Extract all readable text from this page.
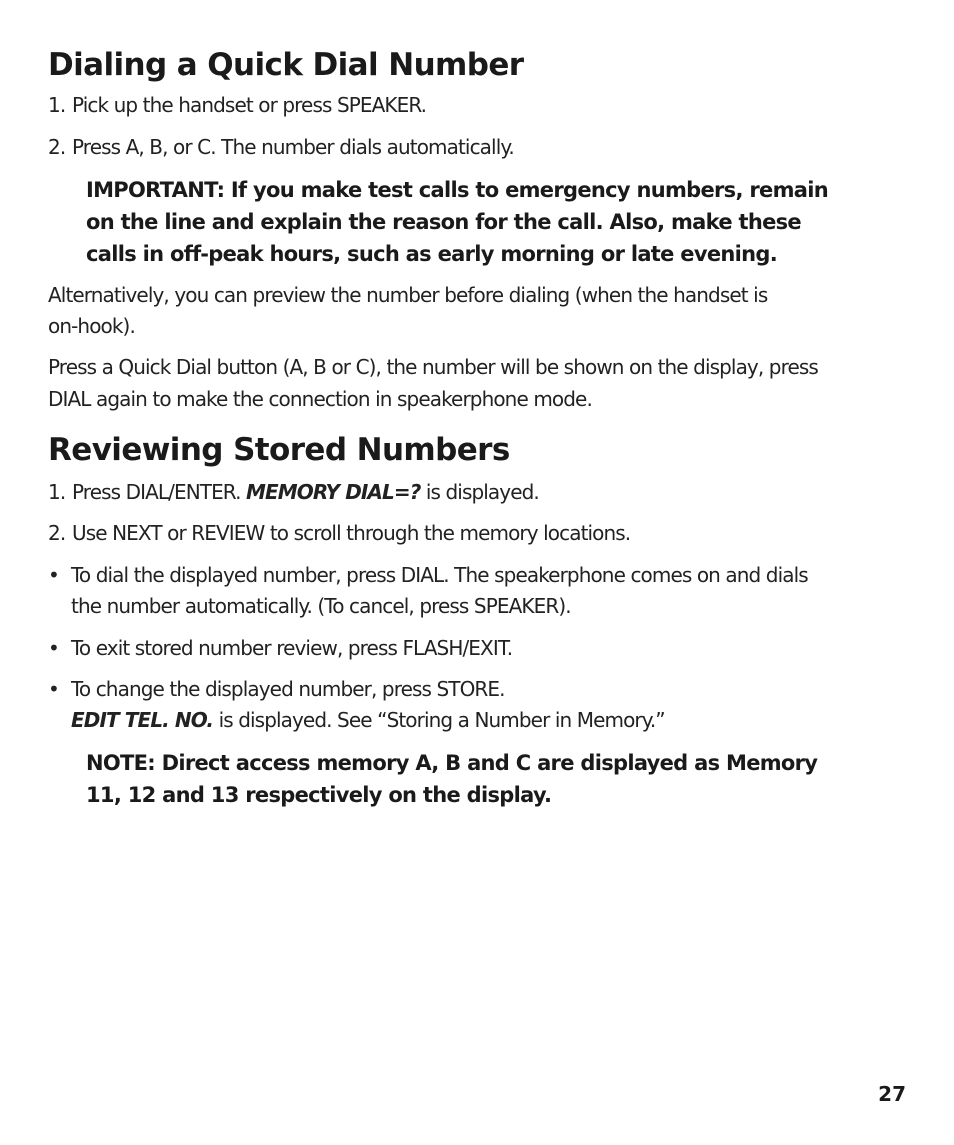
Dialing a Quick Dial Number
1. Pick up the handset or press SPEAKER.
2. Press A, B, or C. The number dials automatically.
IMPORTANT: If you make test calls to emergency numbers, remain
on the line and explain the reason for the call. Also, make these
calls in off-peak hours, such as early morning or late evening.
Alternatively, you can preview the number before dialing (when the handset is
on-hook).
Press a Quick Dial button (A, B or C), the number will be shown on the display, press
DIAL again to make the connection in speakerphone mode.
Reviewing Stored Numbers
1. Press DIAL/ENTER. MEMORY DIAL=? is displayed.
2. Use NEXT or REVIEW to scroll through the memory locations.
• To dial the displayed number, press DIAL. The speakerphone comes on and dials
the number automatically. (To cancel, press SPEAKER).
• To exit stored number review, press FLASH/EXIT.
• To change the displayed number, press STORE.
EDIT TEL. NO. is displayed. See “Storing a Number in Memory.”
NOTE: Direct access memory A, B and C are displayed as Memory
11, 12 and 13 respectively on the display.
27
